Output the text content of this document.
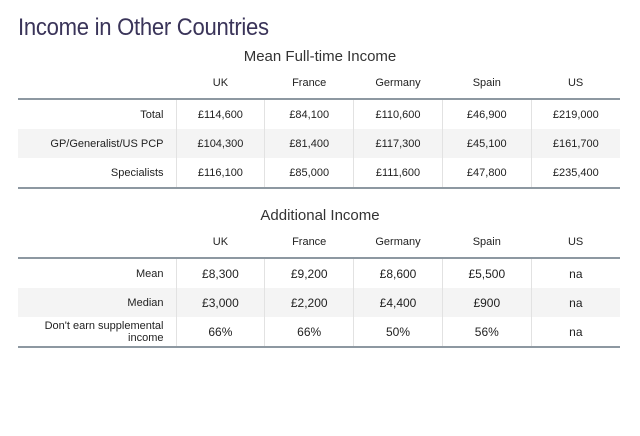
Income in Other Countries
Mean Full-time Income
	UK	France	Germany	Spain	US
Total	£114,600	£84,100	£110,600	£46,900	£219,000
GP/Generalist/US PCP	£104,300	£81,400	£117,300	£45,100	£161,700
Specialists	£116,100	£85,000	£111,600	£47,800	£235,400
Additional Income
	UK	France	Germany	Spain	US
Mean	£8,300	£9,200	£8,600	£5,500	na
Median	£3,000	£2,200	£4,400	£900	na
Don't earn supplemental income	66%	66%	50%	56%	na
